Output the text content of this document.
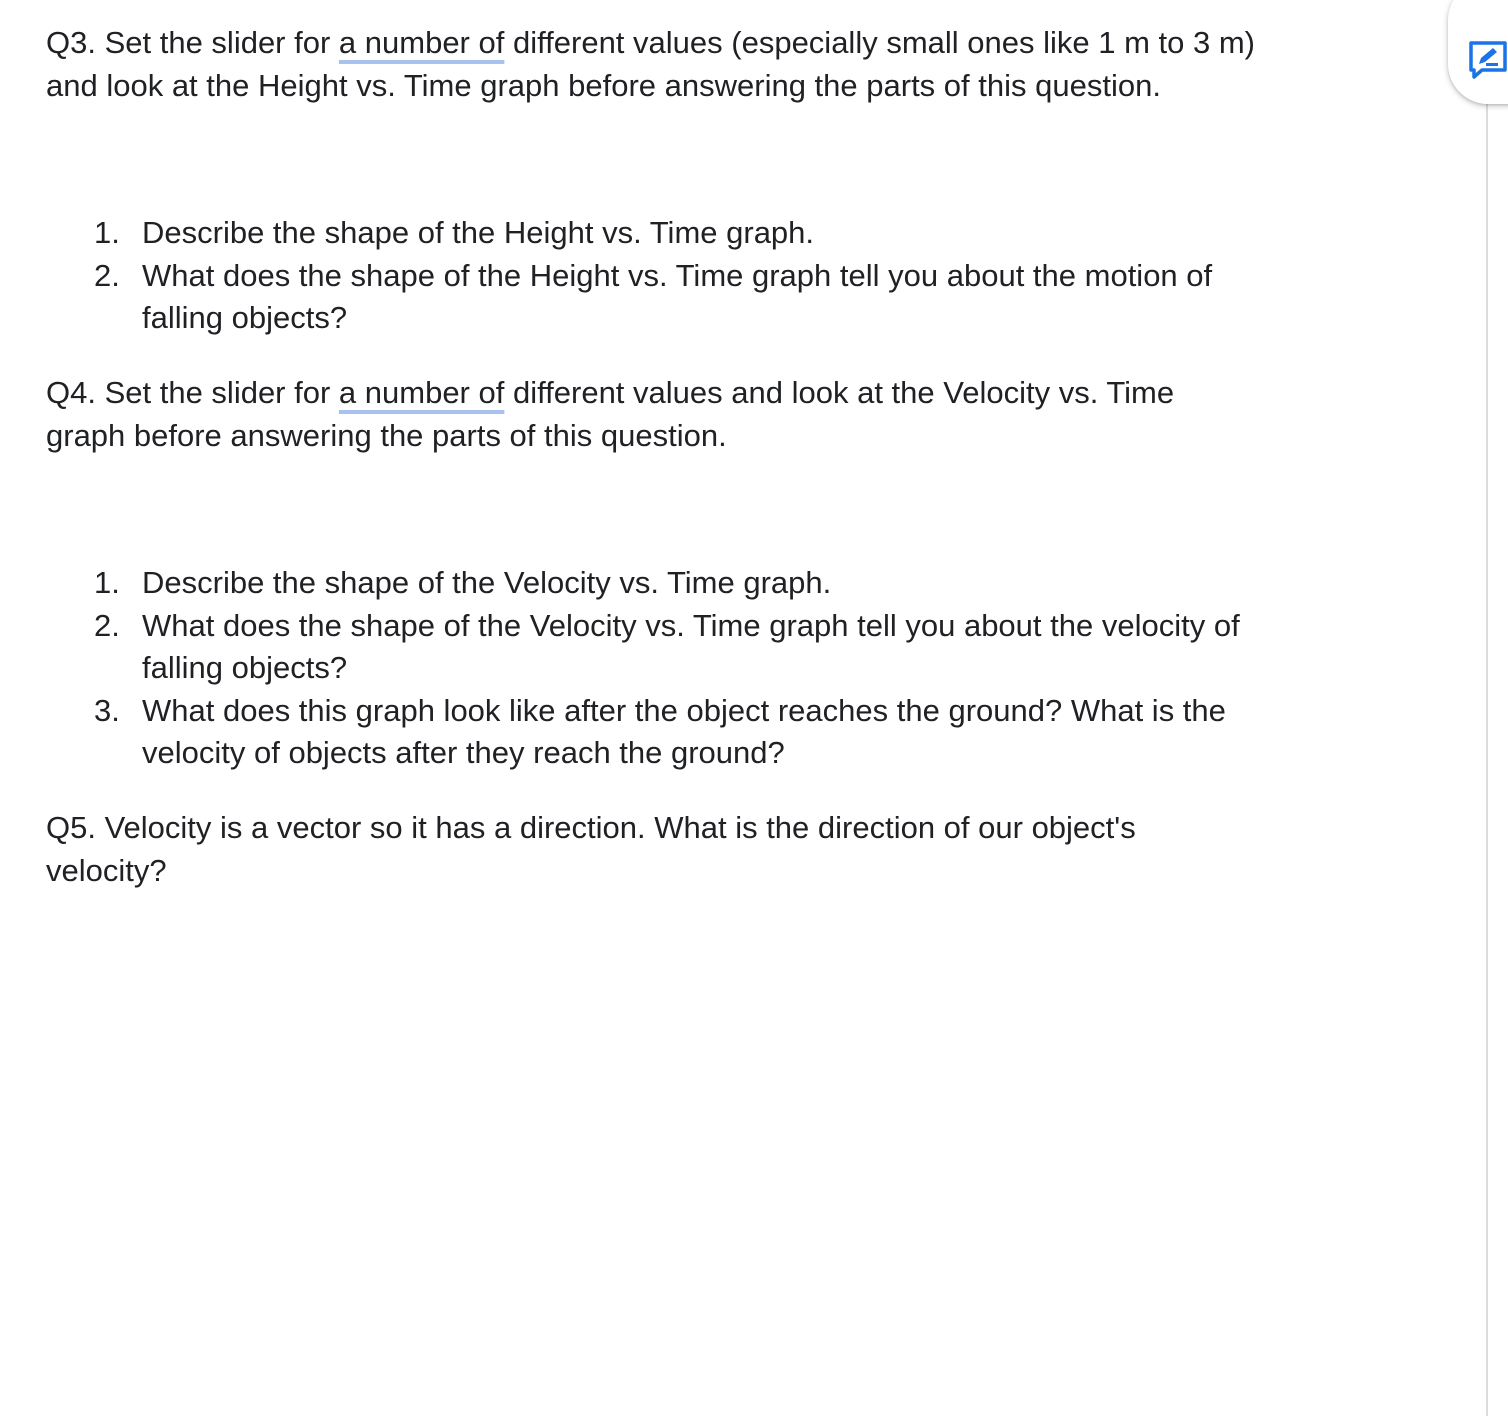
Q3. Set the slider for a number of different values (especially small ones like 1 m to 3 m)
and look at the Height vs. Time graph before answering the parts of this question.

1. Describe the shape of the Height vs. Time graph.
2. What does the shape of the Height vs. Time graph tell you about the motion of
falling objects?

Q4. Set the slider for a number of different values and look at the Velocity vs. Time
graph before answering the parts of this question.

1. Describe the shape of the Velocity vs. Time graph.
2. What does the shape of the Velocity vs. Time graph tell you about the velocity of
falling objects?
3. What does this graph look like after the object reaches the ground? What is the
velocity of objects after they reach the ground?

Q5. Velocity is a vector so it has a direction. What is the direction of our object's
velocity?
